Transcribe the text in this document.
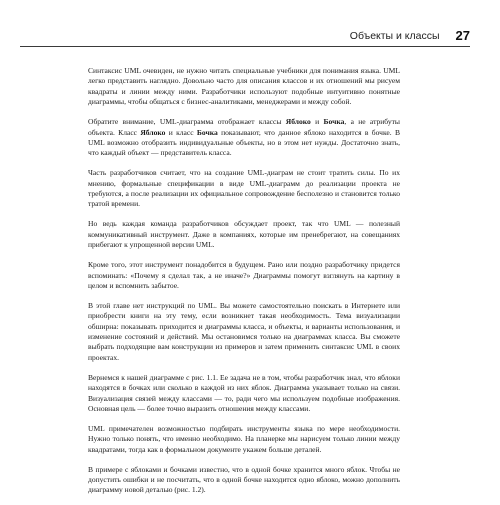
Объекты и классы 27

Синтаксис UML очевиден, не нужно читать специальные учебники для понимания языка. UML легко представить наглядно. Довольно часто для описания классов и их отношений мы рисуем квадраты и линии между ними. Разработчики используют подобные интуитивно понятные диаграммы, чтобы общаться с бизнес-аналитиками, менеджерами и между собой.

Обратите внимание, UML-диаграмма отображает классы Яблоко и Бочка, а не атрибуты объекта. Класс Яблоко и класс Бочка показывают, что данное яблоко находится в бочке. В UML возможно отобразить индивидуальные объекты, но в этом нет нужды. Достаточно знать, что каждый объект — представитель класса.

Часть разработчиков считает, что на создание UML-диаграм не стоит тратить силы. По их мнению, формальные спецификации в виде UML-диаграмм до реализации проекта не требуются, а после реализации их официальное сопровождение бесполезно и становится только тратой времени.

Но ведь каждая команда разработчиков обсуждает проект, так что UML — полезный коммуникативный инструмент. Даже в компаниях, которые им пренебрегают, на совещаниях прибегают к упрощенной версии UML.

Кроме того, этот инструмент понадобится в будущем. Рано или поздно разработчику придется вспоминать: «Почему я сделал так, а не иначе?» Диаграммы помогут взглянуть на картину в целом и вспомнить забытое.

В этой главе нет инструкций по UML. Вы можете самостоятельно поискать в Интернете или приобрести книги на эту тему, если возникнет такая необходимость. Тема визуализации обширна: показывать приходится и диаграммы класса, и объекты, и варианты использования, и изменение состояний и действий. Мы остановимся только на диаграммах класса. Вы сможете выбрать подходящие вам конструкции из примеров и затем применить синтаксис UML в своих проектах.

Вернемся к нашей диаграмме с рис. 1.1. Ее задача не в том, чтобы разработчик знал, что яблоки находятся в бочках или сколько в каждой из них яблок. Диаграмма указывает только на связи. Визуализация связей между классами — то, ради чего мы используем подобные изображения. Основная цель — более точно выразить отношения между классами.

UML примечателен возможностью подбирать инструменты языка по мере необходимости. Нужно только понять, что именно необходимо. На планерке мы нарисуем только линии между квадратами, тогда как в формальном документе укажем больше деталей.

В примере с яблоками и бочками известно, что в одной бочке хранится много яблок. Чтобы не допустить ошибки и не посчитать, что в одной бочке находится одно яблоко, можно дополнить диаграмму новой деталью (рис. 1.2).
